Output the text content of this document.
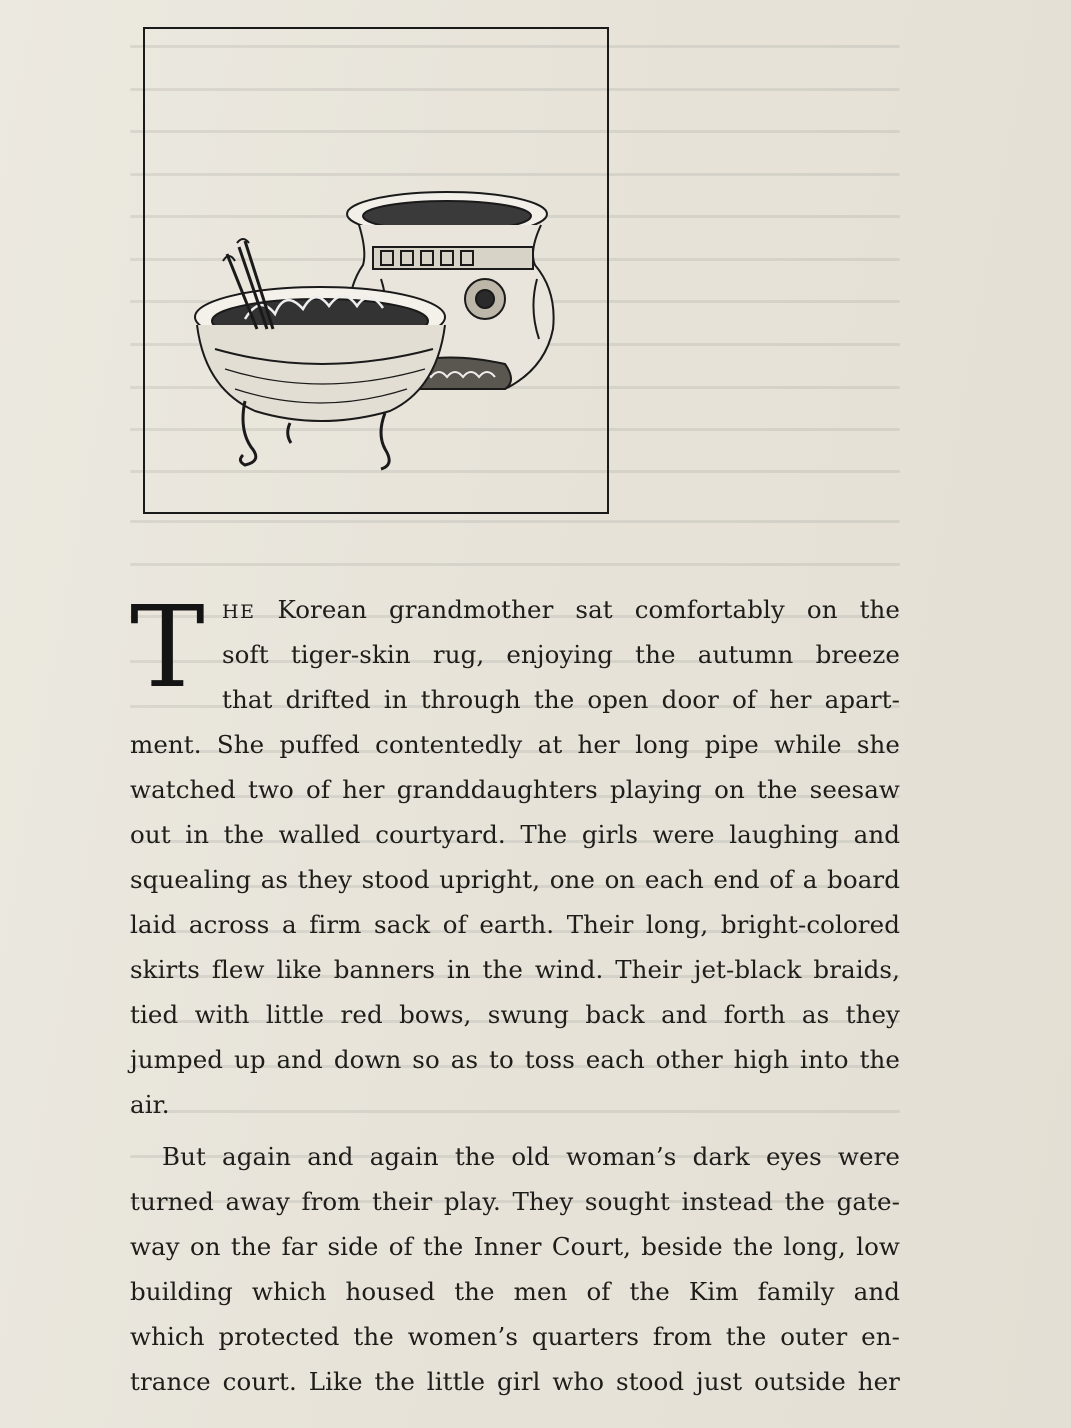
T HE Korean grandmother sat comfortably on the
soft tiger-skin rug, enjoying the autumn breeze
that drifted in through the open door of her apart-
ment. She puffed contentedly at her long pipe while she
watched two of her granddaughters playing on the seesaw
out in the walled courtyard. The girls were laughing and
squealing as they stood upright, one on each end of a board
laid across a firm sack of earth. Their long, bright-colored
skirts flew like banners in the wind. Their jet-black braids,
tied with little red bows, swung back and forth as they
jumped up and down so as to toss each other high into the
air.
But again and again the old woman’s dark eyes were
turned away from their play. They sought instead the gate-
way on the far side of the Inner Court, beside the long, low
building which housed the men of the Kim family and
which protected the women’s quarters from the outer en-
trance court. Like the little girl who stood just outside her
